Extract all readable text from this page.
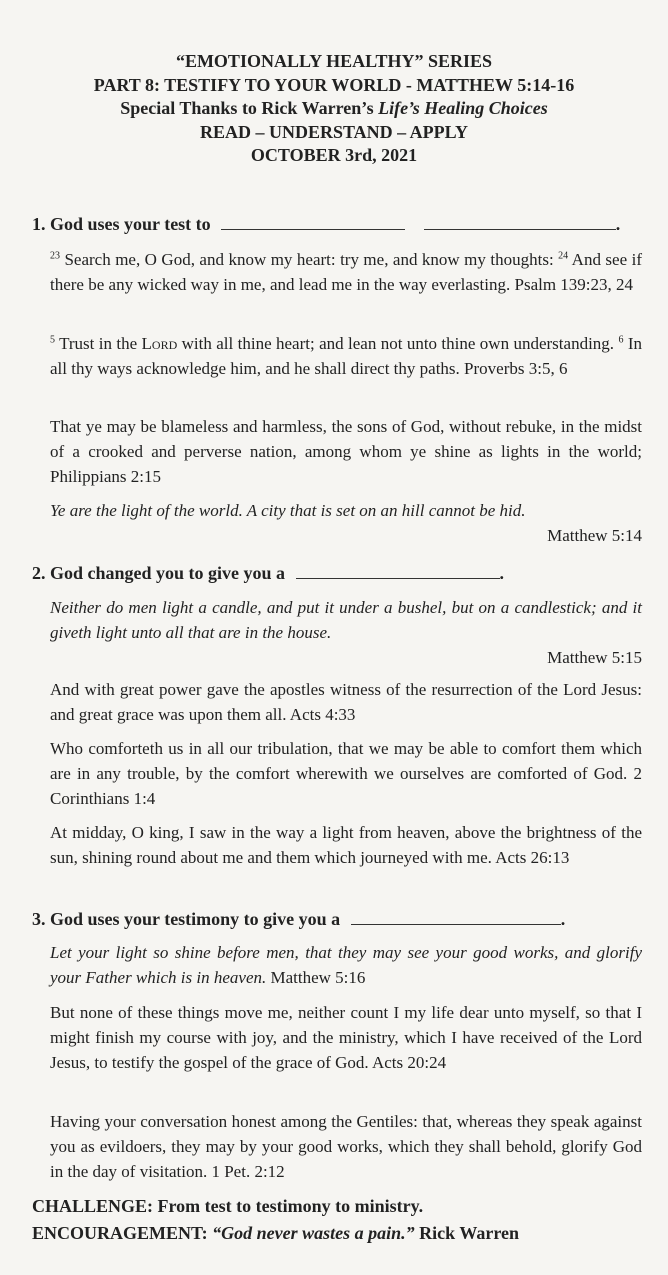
“EMOTIONALLY HEALTHY” SERIES
PART 8: TESTIFY TO YOUR WORLD - MATTHEW 5:14-16
Special Thanks to Rick Warren’s Life’s Healing Choices
READ – UNDERSTAND – APPLY
OCTOBER 3rd, 2021
1. God uses your test to	.
$^{23}$ Search me, O God, and know my heart: try me, and know my thoughts: $^{24}$ And see if there be any wicked way in me, and lead me in the way everlasting. Psalm 139:23, 24
$^5$ Trust in the Lord with all thine heart; and lean not unto thine own understanding. $^6$ In all thy ways acknowledge him, and he shall direct thy paths. Proverbs 3:5, 6
That ye may be blameless and harmless, the sons of God, without rebuke, in the midst of a crooked and perverse nation, among whom ye shine as lights in the world; Philippians 2:15
Ye are the light of the world. A city that is set on an hill cannot be hid.
Matthew 5:14
2. God changed you to give you a	.
Neither do men light a candle, and put it under a bushel, but on a candlestick; and it giveth light unto all that are in the house.
Matthew 5:15
And with great power gave the apostles witness of the resurrection of the Lord Jesus: and great grace was upon them all. Acts 4:33
Who comforteth us in all our tribulation, that we may be able to comfort them which are in any trouble, by the comfort wherewith we ourselves are comforted of God. 2 Corinthians 1:4
At midday, O king, I saw in the way a light from heaven, above the brightness of the sun, shining round about me and them which journeyed with me. Acts 26:13
3. God uses your testimony to give you a	.
Let your light so shine before men, that they may see your good works, and glorify your Father which is in heaven. Matthew 5:16
But none of these things move me, neither count I my life dear unto myself, so that I might finish my course with joy, and the ministry, which I have received of the Lord Jesus, to testify the gospel of the grace of God. Acts 20:24
Having your conversation honest among the Gentiles: that, whereas they speak against you as evildoers, they may by your good works, which they shall behold, glorify God in the day of visitation. 1 Pet. 2:12
CHALLENGE: From test to testimony to ministry.
ENCOURAGEMENT: “God never wastes a pain.” Rick Warren
